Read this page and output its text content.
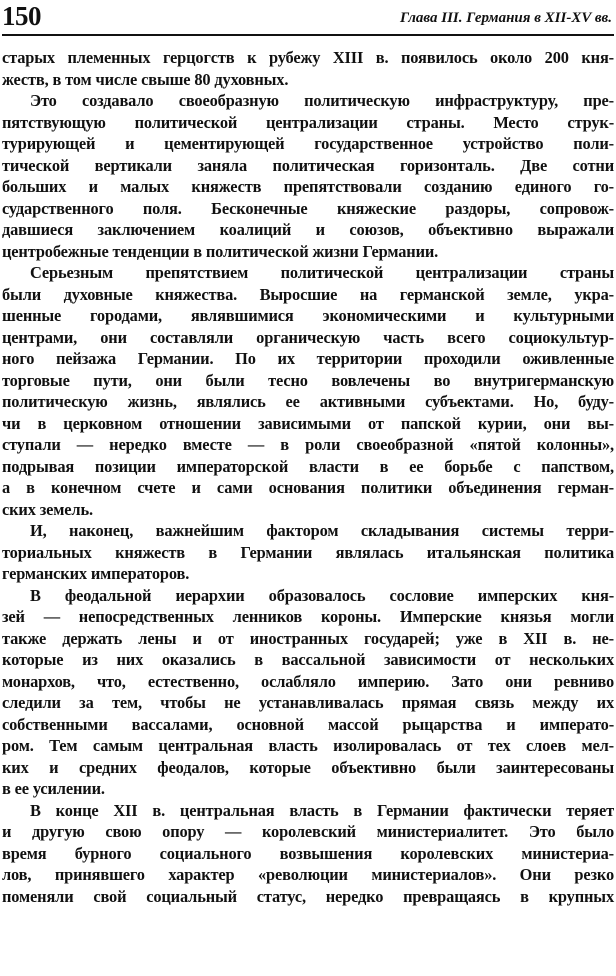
150	Глава III. Германия в XII-XV вв.
старых племенных герцогств к рубежу XIII в. появилось около 200 кня-
жеств, в том числе свыше 80 духовных.
Это создавало своеобразную политическую инфраструктуру, пре-
пятствующую политической централизации страны. Место струк-
турирующей и цементирующей государственное устройство поли-
тической вертикали заняла политическая горизонталь. Две сотни
больших и малых княжеств препятствовали созданию единого го-
сударственного поля. Бесконечные княжеские раздоры, сопровож-
давшиеся заключением коалиций и союзов, объективно выражали
центробежные тенденции в политической жизни Германии.
Серьезным препятствием политической централизации страны
были духовные княжества. Выросшие на германской земле, укра-
шенные городами, являвшимися экономическими и культурными
центрами, они составляли органическую часть всего социокультур-
ного пейзажа Германии. По их территории проходили оживленные
торговые пути, они были тесно вовлечены во внутригерманскую
политическую жизнь, являлись ее активными субъектами. Но, буду-
чи в церковном отношении зависимыми от папской курии, они вы-
ступали — нередко вместе — в роли своеобразной «пятой колонны»,
подрывая позиции императорской власти в ее борьбе с папством,
а в конечном счете и сами основания политики объединения герман-
ских земель.
И, наконец, важнейшим фактором складывания системы терри-
ториальных княжеств в Германии являлась итальянская политика
германских императоров.
В феодальной иерархии образовалось сословие имперских кня-
зей — непосредственных ленников короны. Имперские князья могли
также держать лены и от иностранных государей; уже в XII в. не-
которые из них оказались в вассальной зависимости от нескольких
монархов, что, естественно, ослабляло империю. Зато они ревниво
следили за тем, чтобы не устанавливалась прямая связь между их
собственными вассалами, основной массой рыцарства и императо-
ром. Тем самым центральная власть изолировалась от тех слоев мел-
ких и средних феодалов, которые объективно были заинтересованы
в ее усилении.
В конце XII в. центральная власть в Германии фактически теряет
и другую свою опору — королевский министериалитет. Это было
время бурного социального возвышения королевских министериа-
лов, принявшего характер «революции министериалов». Они резко
поменяли свой социальный статус, нередко превращаясь в крупных
